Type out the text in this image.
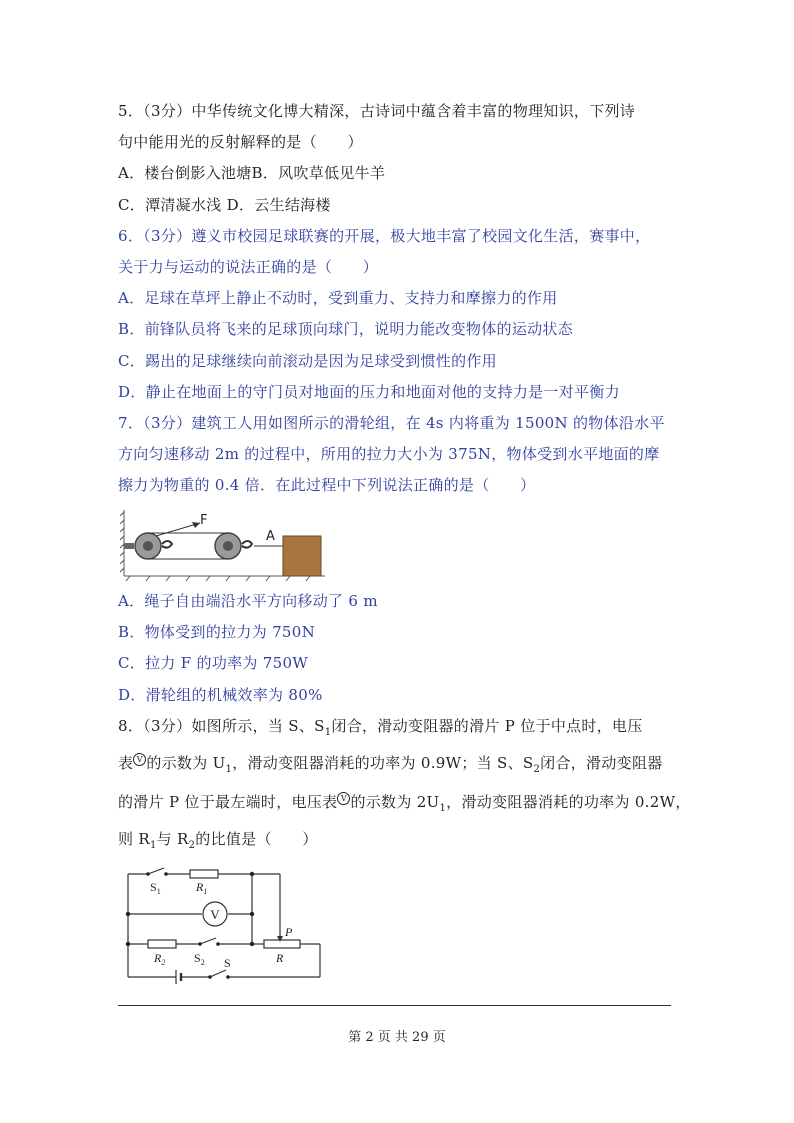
5．（3分）中华传统文化博大精深，古诗词中蕴含着丰富的物理知识，下列诗
句中能用光的反射解释的是（　　）
A．楼台倒影入池塘B．风吹草低见牛羊
C．潭清凝水浅 D．云生结海楼
6．（3分）遵义市校园足球联赛的开展，极大地丰富了校园文化生活，赛事中，
关于力与运动的说法正确的是（　　）
A．足球在草坪上静止不动时，受到重力、支持力和摩擦力的作用
B．前锋队员将飞来的足球顶向球门，说明力能改变物体的运动状态
C．踢出的足球继续向前滚动是因为足球受到惯性的作用
D．静止在地面上的守门员对地面的压力和地面对他的支持力是一对平衡力
7．（3分）建筑工人用如图所示的滑轮组，在 4s 内将重为 1500N 的物体沿水平
方向匀速移动 2m 的过程中，所用的拉力大小为 375N，物体受到水平地面的摩
擦力为物重的 0.4 倍．在此过程中下列说法正确的是（　　）
F
A
A．绳子自由端沿水平方向移动了 6 m
B．物体受到的拉力为 750N
C．拉力 F 的功率为 750W
D．滑轮组的机械效率为 80%
8．（3分）如图所示，当 S、$S_1$闭合，滑动变阻器的滑片 P 位于中点时，电压
表 V 的示数为 $U_1$，滑动变阻器消耗的功率为 0.9W；当 S、$S_2$闭合，滑动变阻器
的滑片 P 位于最左端时，电压表 V 的示数为 $2U_1$，滑动变阻器消耗的功率为 0.2W，
则 $R_1$与 $R_2$的比值是（　　）
V
$S_1$	$R_1$
$R_2$ $S_2$
P
R
S
第 2 页 共 29 页
